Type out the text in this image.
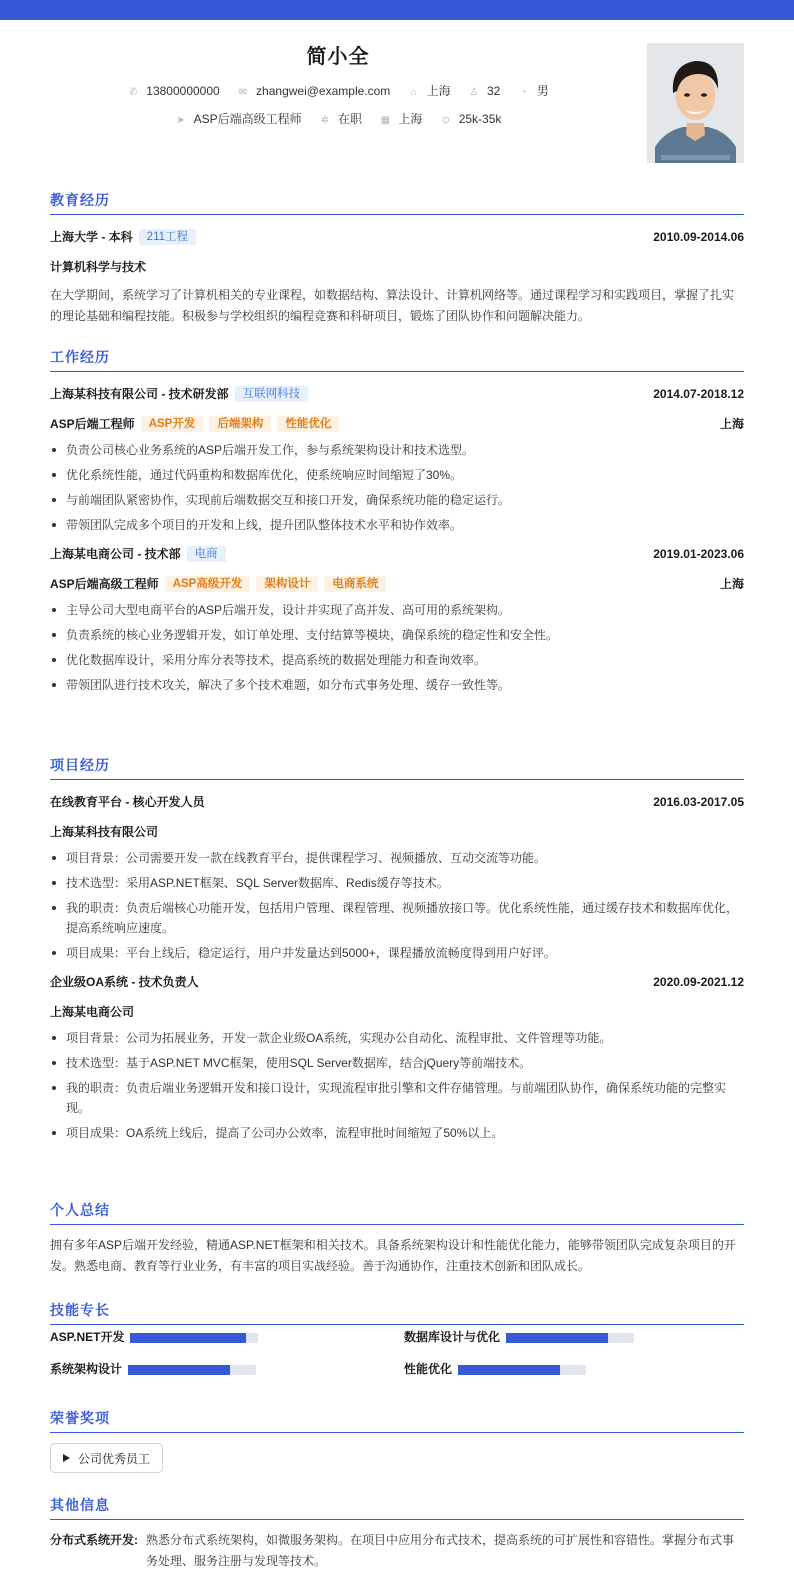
简小全
✆ 13800000000 ✉ zhangwei@example.com ⌂ 上海 ♙ 32 ◔ 男
➤ ASP后端高级工程师 ✲ 在职 ▦ 上海 ⊙ 25k-35k
教育经历
上海大学 - 本科 211工程	2010.09-2014.06
计算机科学与技术
在大学期间，系统学习了计算机相关的专业课程，如数据结构、算法设计、计算机网络等。通过课程学习和实践项目，掌握了扎实的理论基础和编程技能。积极参与学校组织的编程竞赛和科研项目，锻炼了团队协作和问题解决能力。
工作经历
上海某科技有限公司 - 技术研发部 互联网科技	2014.07-2018.12
ASP后端工程师 ASP开发 后端架构 性能优化	上海
负责公司核心业务系统的ASP后端开发工作，参与系统架构设计和技术选型。
优化系统性能，通过代码重构和数据库优化，使系统响应时间缩短了30%。
与前端团队紧密协作，实现前后端数据交互和接口开发，确保系统功能的稳定运行。
带领团队完成多个项目的开发和上线，提升团队整体技术水平和协作效率。
上海某电商公司 - 技术部 电商	2019.01-2023.06
ASP后端高级工程师 ASP高级开发 架构设计 电商系统	上海
主导公司大型电商平台的ASP后端开发，设计并实现了高并发、高可用的系统架构。
负责系统的核心业务逻辑开发，如订单处理、支付结算等模块，确保系统的稳定性和安全性。
优化数据库设计，采用分库分表等技术，提高系统的数据处理能力和查询效率。
带领团队进行技术攻关，解决了多个技术难题，如分布式事务处理、缓存一致性等。
项目经历
在线教育平台 - 核心开发人员	2016.03-2017.05
上海某科技有限公司
项目背景：公司需要开发一款在线教育平台，提供课程学习、视频播放、互动交流等功能。
技术选型：采用ASP.NET框架、SQL Server数据库、Redis缓存等技术。
我的职责：负责后端核心功能开发，包括用户管理、课程管理、视频播放接口等。优化系统性能，通过缓存技术和数据库优化，提高系统响应速度。
项目成果：平台上线后，稳定运行，用户并发量达到5000+，课程播放流畅度得到用户好评。
企业级OA系统 - 技术负责人	2020.09-2021.12
上海某电商公司
项目背景：公司为拓展业务，开发一款企业级OA系统，实现办公自动化、流程审批、文件管理等功能。
技术选型：基于ASP.NET MVC框架，使用SQL Server数据库，结合jQuery等前端技术。
我的职责：负责后端业务逻辑开发和接口设计，实现流程审批引擎和文件存储管理。与前端团队协作，确保系统功能的完整实现。
项目成果：OA系统上线后，提高了公司办公效率，流程审批时间缩短了50%以上。
个人总结
拥有多年ASP后端开发经验，精通ASP.NET框架和相关技术。具备系统架构设计和性能优化能力，能够带领团队完成复杂项目的开发。熟悉电商、教育等行业业务，有丰富的项目实战经验。善于沟通协作，注重技术创新和团队成长。
技能专长
ASP.NET开发	数据库设计与优化
系统架构设计	性能优化
荣誉奖项
公司优秀员工
其他信息
分布式系统开发: 熟悉分布式系统架构，如微服务架构。在项目中应用分布式技术，提高系统的可扩展性和容错性。掌握分布式事务处理、服务注册与发现等技术。
